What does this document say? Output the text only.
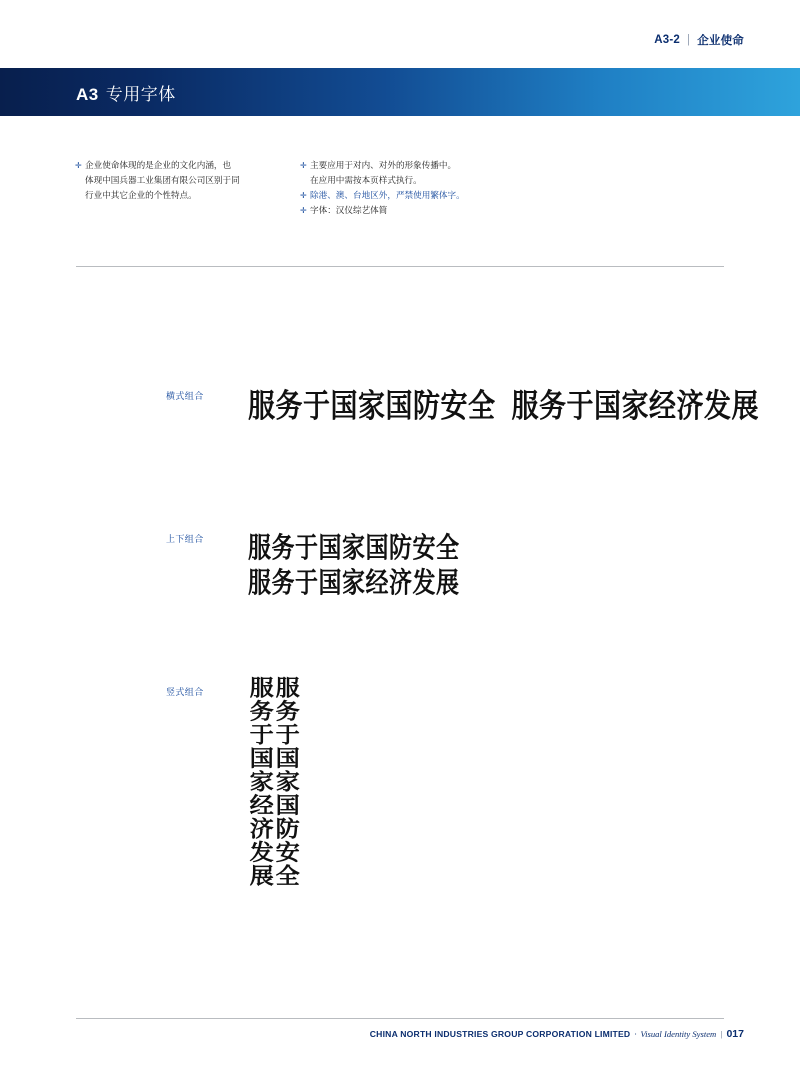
A3-2 | 企业使命
A3 专用字体
✛ 企业使命体现的是企业的文化内涵，也
体现中国兵器工业集团有限公司区别于同
行业中其它企业的个性特点。
✛ 主要应用于对内、对外的形象传播中。
在应用中需按本页样式执行。
✛ 除港、澳、台地区外，严禁使用繁体字。
✛ 字体：汉仪综艺体简
横式组合 服务于国家国防安全 服务于国家经济发展
上下组合 服务于国家国防安全
服务于国家经济发展
竖式组合	服务于国家国防安全
服务于国家经济发展
CHINA NORTH INDUSTRIES GROUP CORPORATION LIMITED · Visual Identity System | 017
